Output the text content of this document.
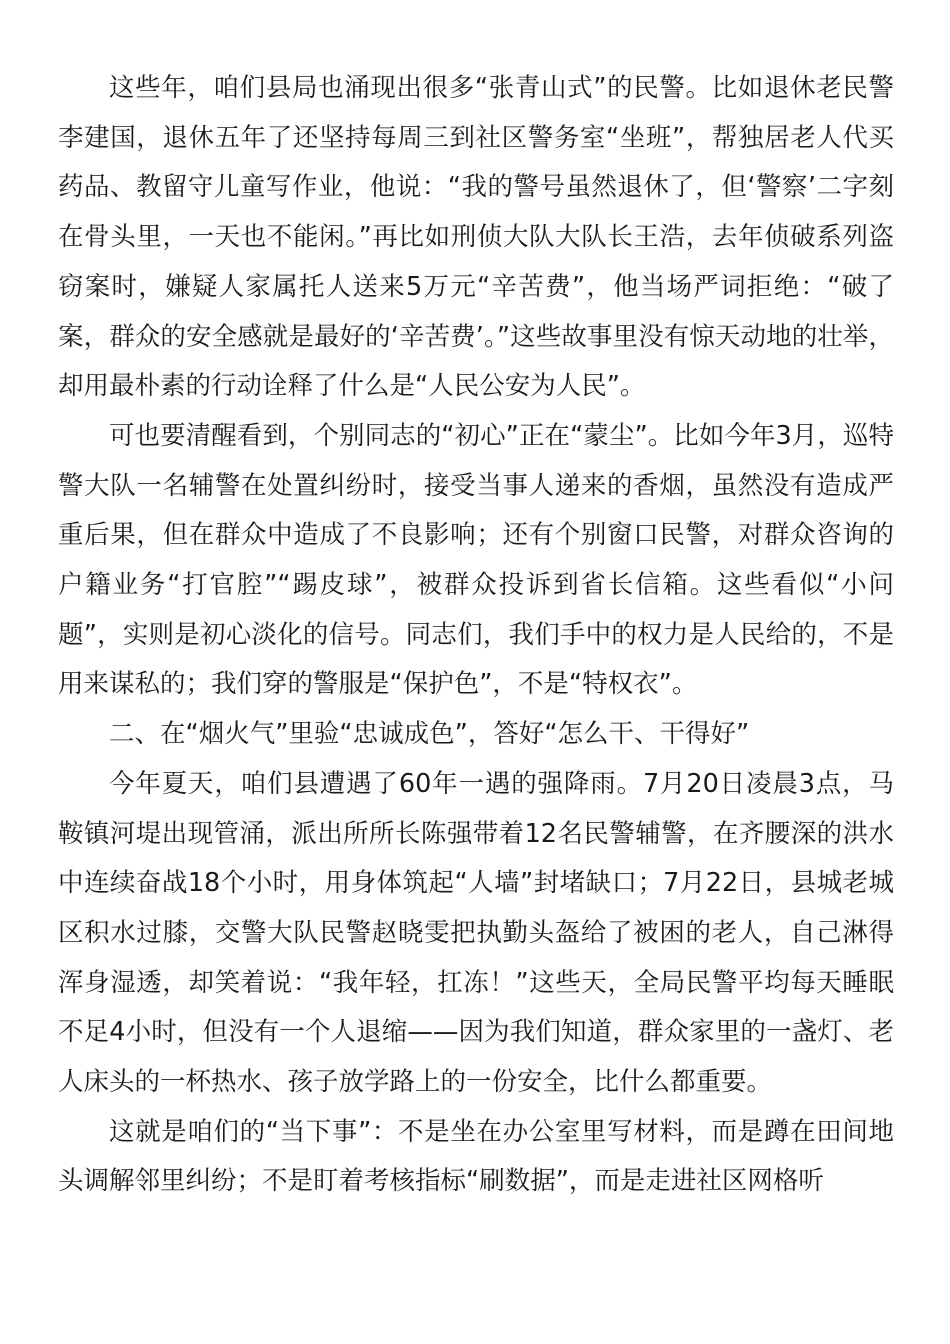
这些年，咱们县局也涌现出很多“张青山式”的民警。比如退休老民警李建国，退休五年了还坚持每周三到社区警务室“坐班”，帮独居老人代买药品、教留守儿童写作业，他说：“我的警号虽然退休了，但‘警察’二字刻在骨头里，一天也不能闲。”再比如刑侦大队大队长王浩，去年侦破系列盗窃案时，嫌疑人家属托人送来5万元“辛苦费”，他当场严词拒绝：“破了案，群众的安全感就是最好的‘辛苦费’。”这些故事里没有惊天动地的壮举，却用最朴素的行动诠释了什么是“人民公安为人民”。

可也要清醒看到，个别同志的“初心”正在“蒙尘”。比如今年3月，巡特警大队一名辅警在处置纠纷时，接受当事人递来的香烟，虽然没有造成严重后果，但在群众中造成了不良影响；还有个别窗口民警，对群众咨询的户籍业务“打官腔”“踢皮球”，被群众投诉到省长信箱。这些看似“小问题”，实则是初心淡化的信号。同志们，我们手中的权力是人民给的，不是用来谋私的；我们穿的警服是“保护色”，不是“特权衣”。

二、在“烟火气”里验“忠诚成色”，答好“怎么干、干得好”

今年夏天，咱们县遭遇了60年一遇的强降雨。7月20日凌晨3点，马鞍镇河堤出现管涌，派出所所长陈强带着12名民警辅警，在齐腰深的洪水中连续奋战18个小时，用身体筑起“人墙”封堵缺口；7月22日，县城老城区积水过膝，交警大队民警赵晓雯把执勤头盔给了被困的老人，自己淋得浑身湿透，却笑着说：“我年轻，扛冻！”这些天，全局民警平均每天睡眠不足4小时，但没有一个人退缩——因为我们知道，群众家里的一盏灯、老人床头的一杯热水、孩子放学路上的一份安全，比什么都重要。

这就是咱们的“当下事”：不是坐在办公室里写材料，而是蹲在田间地头调解邻里纠纷；不是盯着考核指标“刷数据”，而是走进社区网格听
